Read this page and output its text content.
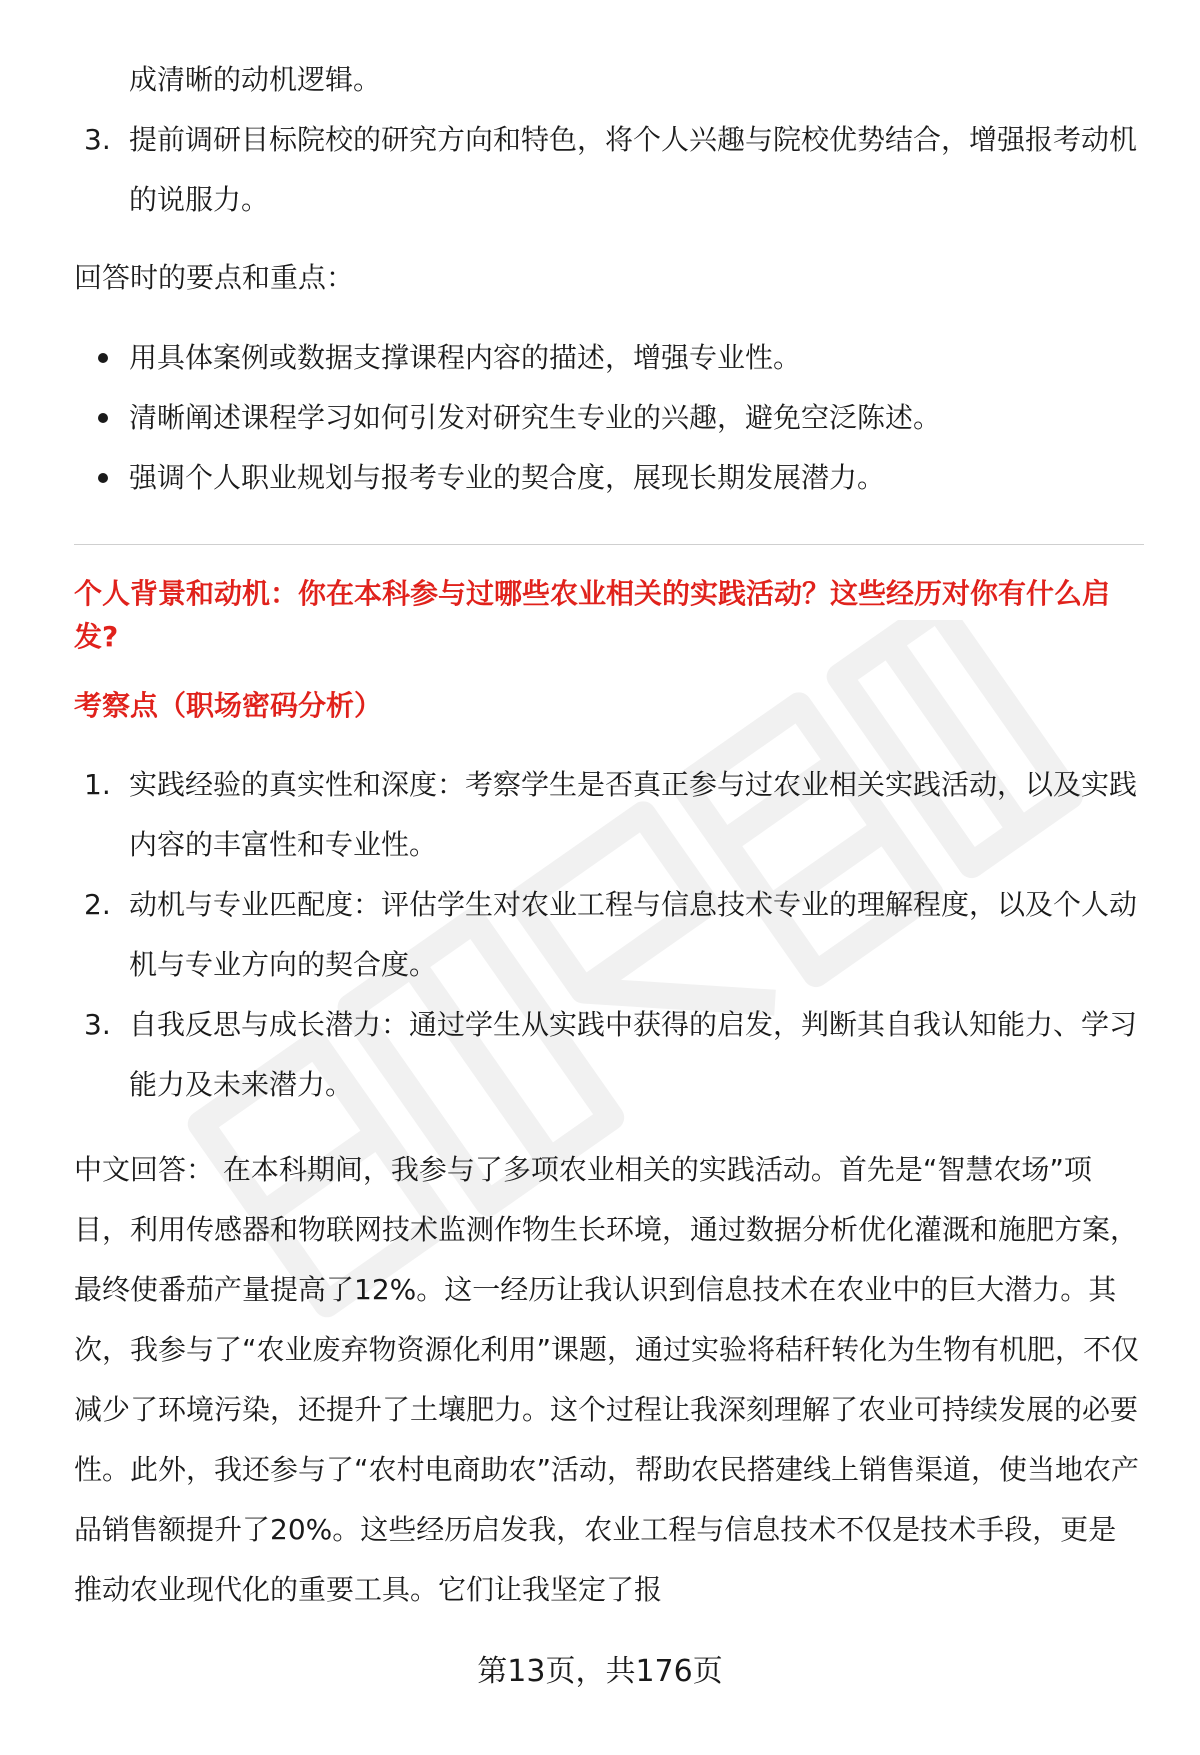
成清晰的动机逻辑。
3. 提前调研目标院校的研究方向和特色，将个人兴趣与院校优势结合，增强报考动机的说服力。
回答时的要点和重点：
用具体案例或数据支撑课程内容的描述，增强专业性。
清晰阐述课程学习如何引发对研究生专业的兴趣，避免空泛陈述。
强调个人职业规划与报考专业的契合度，展现长期发展潜力。
个人背景和动机：你在本科参与过哪些农业相关的实践活动？这些经历对你有什么启发?
考察点（职场密码分析）
1. 实践经验的真实性和深度：考察学生是否真正参与过农业相关实践活动，以及实践内容的丰富性和专业性。
2. 动机与专业匹配度：评估学生对农业工程与信息技术专业的理解程度，以及个人动机与专业方向的契合度。
3. 自我反思与成长潜力：通过学生从实践中获得的启发，判断其自我认知能力、学习能力及未来潜力。
中文回答： 在本科期间，我参与了多项农业相关的实践活动。首先是“智慧农场”项目，利用传感器和物联网技术监测作物生长环境，通过数据分析优化灌溉和施肥方案，最终使番茄产量提高了12%。这一经历让我认识到信息技术在农业中的巨大潜力。其次，我参与了“农业废弃物资源化利用”课题，通过实验将秸秆转化为生物有机肥，不仅减少了环境污染，还提升了土壤肥力。这个过程让我深刻理解了农业可持续发展的必要性。此外，我还参与了“农村电商助农”活动，帮助农民搭建线上销售渠道，使当地农产品销售额提升了20%。这些经历启发我，农业工程与信息技术不仅是技术手段，更是推动农业现代化的重要工具。它们让我坚定了报
第13页，共176页
